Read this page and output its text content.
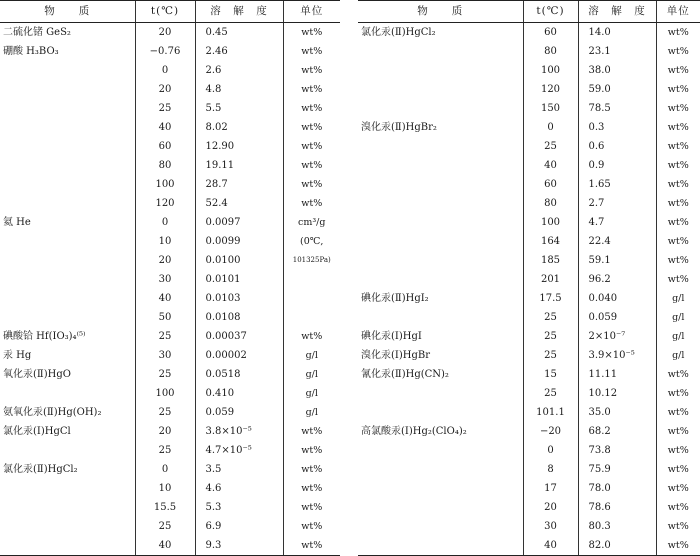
物　　质	t(℃)	溶　解　度	单位
二硫化锗 GeS₂	20	0.45	wt%
硼酸 H₃BO₃	−0.76	2.46	wt%
	0	2.6	wt%
	20	4.8	wt%
	25	5.5	wt%
	40	8.02	wt%
	60	12.90	wt%
	80	19.11	wt%
	100	28.7	wt%
	120	52.4	wt%
氦 He	0	0.0097	cm³/g
	10	0.0099	(0℃,
	20	0.0100	101325Pa)
	30	0.0101	
	40	0.0103	
	50	0.0108	
碘酸铪 Hf(IO₃)₄⁽⁵⁾	25	0.00037	wt%
汞 Hg	30	0.00002	g/l
氧化汞(Ⅱ)HgO	25	0.0518	g/l
	100	0.410	g/l
氨氧化汞(Ⅱ)Hg(OH)₂	25	0.059	g/l
氯化汞(Ⅰ)HgCl	20	3.8×10⁻⁵	wt%
	25	4.7×10⁻⁵	wt%
氯化汞(Ⅱ)HgCl₂	0	3.5	wt%
	10	4.6	wt%
	15.5	5.3	wt%
	25	6.9	wt%
	40	9.3	wt%
物　　质	t(℃)	溶　解　度	单位
氯化汞(Ⅱ)HgCl₂	60	14.0	wt%
	80	23.1	wt%
	100	38.0	wt%
	120	59.0	wt%
	150	78.5	wt%
溴化汞(Ⅱ)HgBr₂	0	0.3	wt%
	25	0.6	wt%
	40	0.9	wt%
	60	1.65	wt%
	80	2.7	wt%
	100	4.7	wt%
	164	22.4	wt%
	185	59.1	wt%
	201	96.2	wt%
碘化汞(Ⅱ)HgI₂	17.5	0.040	g/l
	25	0.059	g/l
碘化汞(Ⅰ)HgI	25	2×10⁻⁷	g/l
溴化汞(Ⅰ)HgBr	25	3.9×10⁻⁵	g/l
氰化汞(Ⅱ)Hg(CN)₂	15	11.11	wt%
	25	10.12	wt%
	101.1	35.0	wt%
高氯酸汞(Ⅰ)Hg₂(ClO₄)₂	−20	68.2	wt%
	0	73.8	wt%
	8	75.9	wt%
	17	78.0	wt%
	20	78.6	wt%
	30	80.3	wt%
	40	82.0	wt%
